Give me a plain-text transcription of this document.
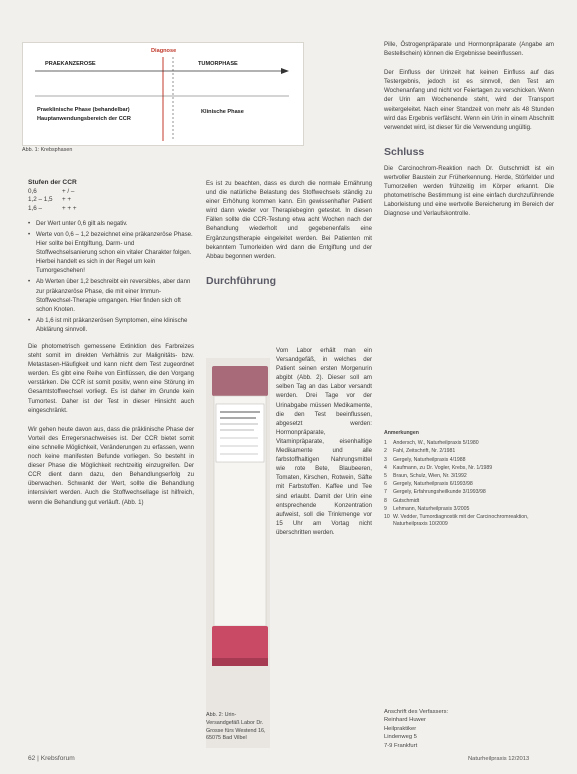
Diagnose
PRAEKANZEROSE	TUMORPHASE
Praeklinische Phase (behandelbar)
Hauptanwendungsbereich der CCR
Klinische Phase
Abb. 1: Krebsphasen
Stufen der CCR
0,6	+ / –
1,2 – 1,5	+ +
1,6 –	+ + +
• Der Wert unter 0,6 gilt als negativ.
• Werte von 0,6 – 1,2 bezeichnet eine präkanzeröse Phase. Hier sollte bei Entgiftung, Darm- und Stoffwechselsanierung schon ein vitaler Charakter folgen. Hierbei handelt es sich in der Regel um kein Tumorgeschehen!
• Ab Werten über 1,2 beschreibt ein reversibles, aber dann zur präkanzeröse Phase, die mit einer Immun-Stoffwechsel-Therapie umgangen. Hier finden sich oft schon Knoten.
• Ab 1,6 ist mit präkanzerösen Symptomen, eine klinische Abklärung sinnvoll.
Die photometrisch gemessene Extinktion des Farbreizes steht somit im direkten Verhältnis zur Malignitäts- bzw. Metastasen-Häufigkeit und kann nicht dem Test zugeordnet werden. Es gibt eine Reihe von Einflüssen, die den Vorgang verstärken. Die CCR ist somit positiv, wenn eine Störung im Gesamtstoffwechsel vorliegt. Es ist daher im Grunde kein Tumortest. Daher ist der Test in dieser Hinsicht auch eingeschränkt.
Wir gehen heute davon aus, dass die präklinische Phase der Vorteil des Erregersnachweises ist. Der CCR bietet somit eine schnelle Möglichkeit, Veränderungen zu erfassen, wenn noch keine manifesten Befunde vorliegen. So besteht in dieser Phase die Möglichkeit rechtzeitig einzugreifen. Der CCR dient dann dazu, den Behandlungserfolg zu überwachen. Schwankt der Wert, sollte die Behandlung intensiviert werden. Auch die Stoffwechsellage ist hilfreich, wenn die Behandlung gut verläuft. (Abb. 1)
Es ist zu beachten, dass es durch die normale Ernährung und die natürliche Belastung des Stoffwechsels ständig zu einer Erhöhung kommen kann. Ein gewissenhafter Patient wird dann wieder vor Therapiebeginn getestet. In diesen Fällen sollte die CCR-Testung etwa acht Wochen nach der Behandlung wiederholt und gegebenenfalls eine Ergänzungstherapie eingeleitet werden. Bei Patienten mit bekanntem Tumorleiden wird dann die Entgiftung und der Abbau begonnen werden.
Durchführung
Abb. 2: Urin-Versandgefäß Labor Dr. Grosse fürs Westend 16, 65075 Bad Vilbel
Vom Labor erhält man ein Versandgefäß, in welches der Patient seinen ersten Morgenurin abgibt (Abb. 2). Dieser soll am selben Tag an das Labor versandt werden. Drei Tage vor der Urinabgabe müssen Medikamente, die den Test beeinflussen, abgesetzt werden: Hormonpräparate, Vitaminpräparate, eisenhaltige Medikamente und alle farbstoffhaltigen Nahrungsmittel wie rote Bete, Blaubeeren, Tomaten, Kirschen, Rotwein, Säfte mit Farbstoffen. Kaffee und Tee sind erlaubt. Damit der Urin eine entsprechende Konzentration aufweist, soll die Trinkmenge vor 15 Uhr am Vortag nicht überschritten werden.
Pille, Östrogenpräparate und Hormonpräparate (Angabe am Bestellschein) können die Ergebnisse beeinflussen.
Der Einfluss der Urinzeit hat keinen Einfluss auf das Testergebnis, jedoch ist es sinnvoll, den Test am Wochenanfang und nicht vor Feiertagen zu verschicken. Wenn der Urin am Wochenende steht, wird der Transport weitergeleitet. Nach einer Standzeit von mehr als 48 Stunden wird das Ergebnis verfälscht. Wenn ein Urin in einem Abschnitt verwendet wird, ist dieser für die Verwendung ungültig.
Schluss
Die Carcinochrom-Reaktion nach Dr. Gutschmidt ist ein wertvoller Baustein zur Früherkennung. Herde, Störfelder und Tumorzellen werden frühzeitig im Körper erkannt. Die photometrische Bestimmung ist eine einfach durchzuführende Laborleistung und eine wertvolle Bereicherung im Bereich der Diagnose und Verlaufskontrolle.
Anmerkungen
1	Andersch, W., Naturheilpraxis 5/1980
2	Fahl, Zeitschrift, Nr. 2/1981
3	Gergely, Naturheilpraxis 4/1988
4	Kaufmann, zu Dr. Vogler, Krebs, Nr. 1/1989
5	Braun, Schulz, Wien, Nr. 3/1992
6	Gergely, Naturheilpraxis 6/1993/98
7	Gergely, Erfahrungsheilkunde 3/1993/98
8	Gutschmidt
9	Lehmann, Naturheilpraxis 3/2005
10 W. Vedder, Tumordiagnostik mit der Carcinochromreaktion, Naturheilpraxis 10/2009
Anschrift des Verfassers:
Reinhard Huwer
Heilpraktiker
Lindenweg 5
7-9 Frankfurt
62 | Krebsforum	Naturheilpraxis 12/2013
